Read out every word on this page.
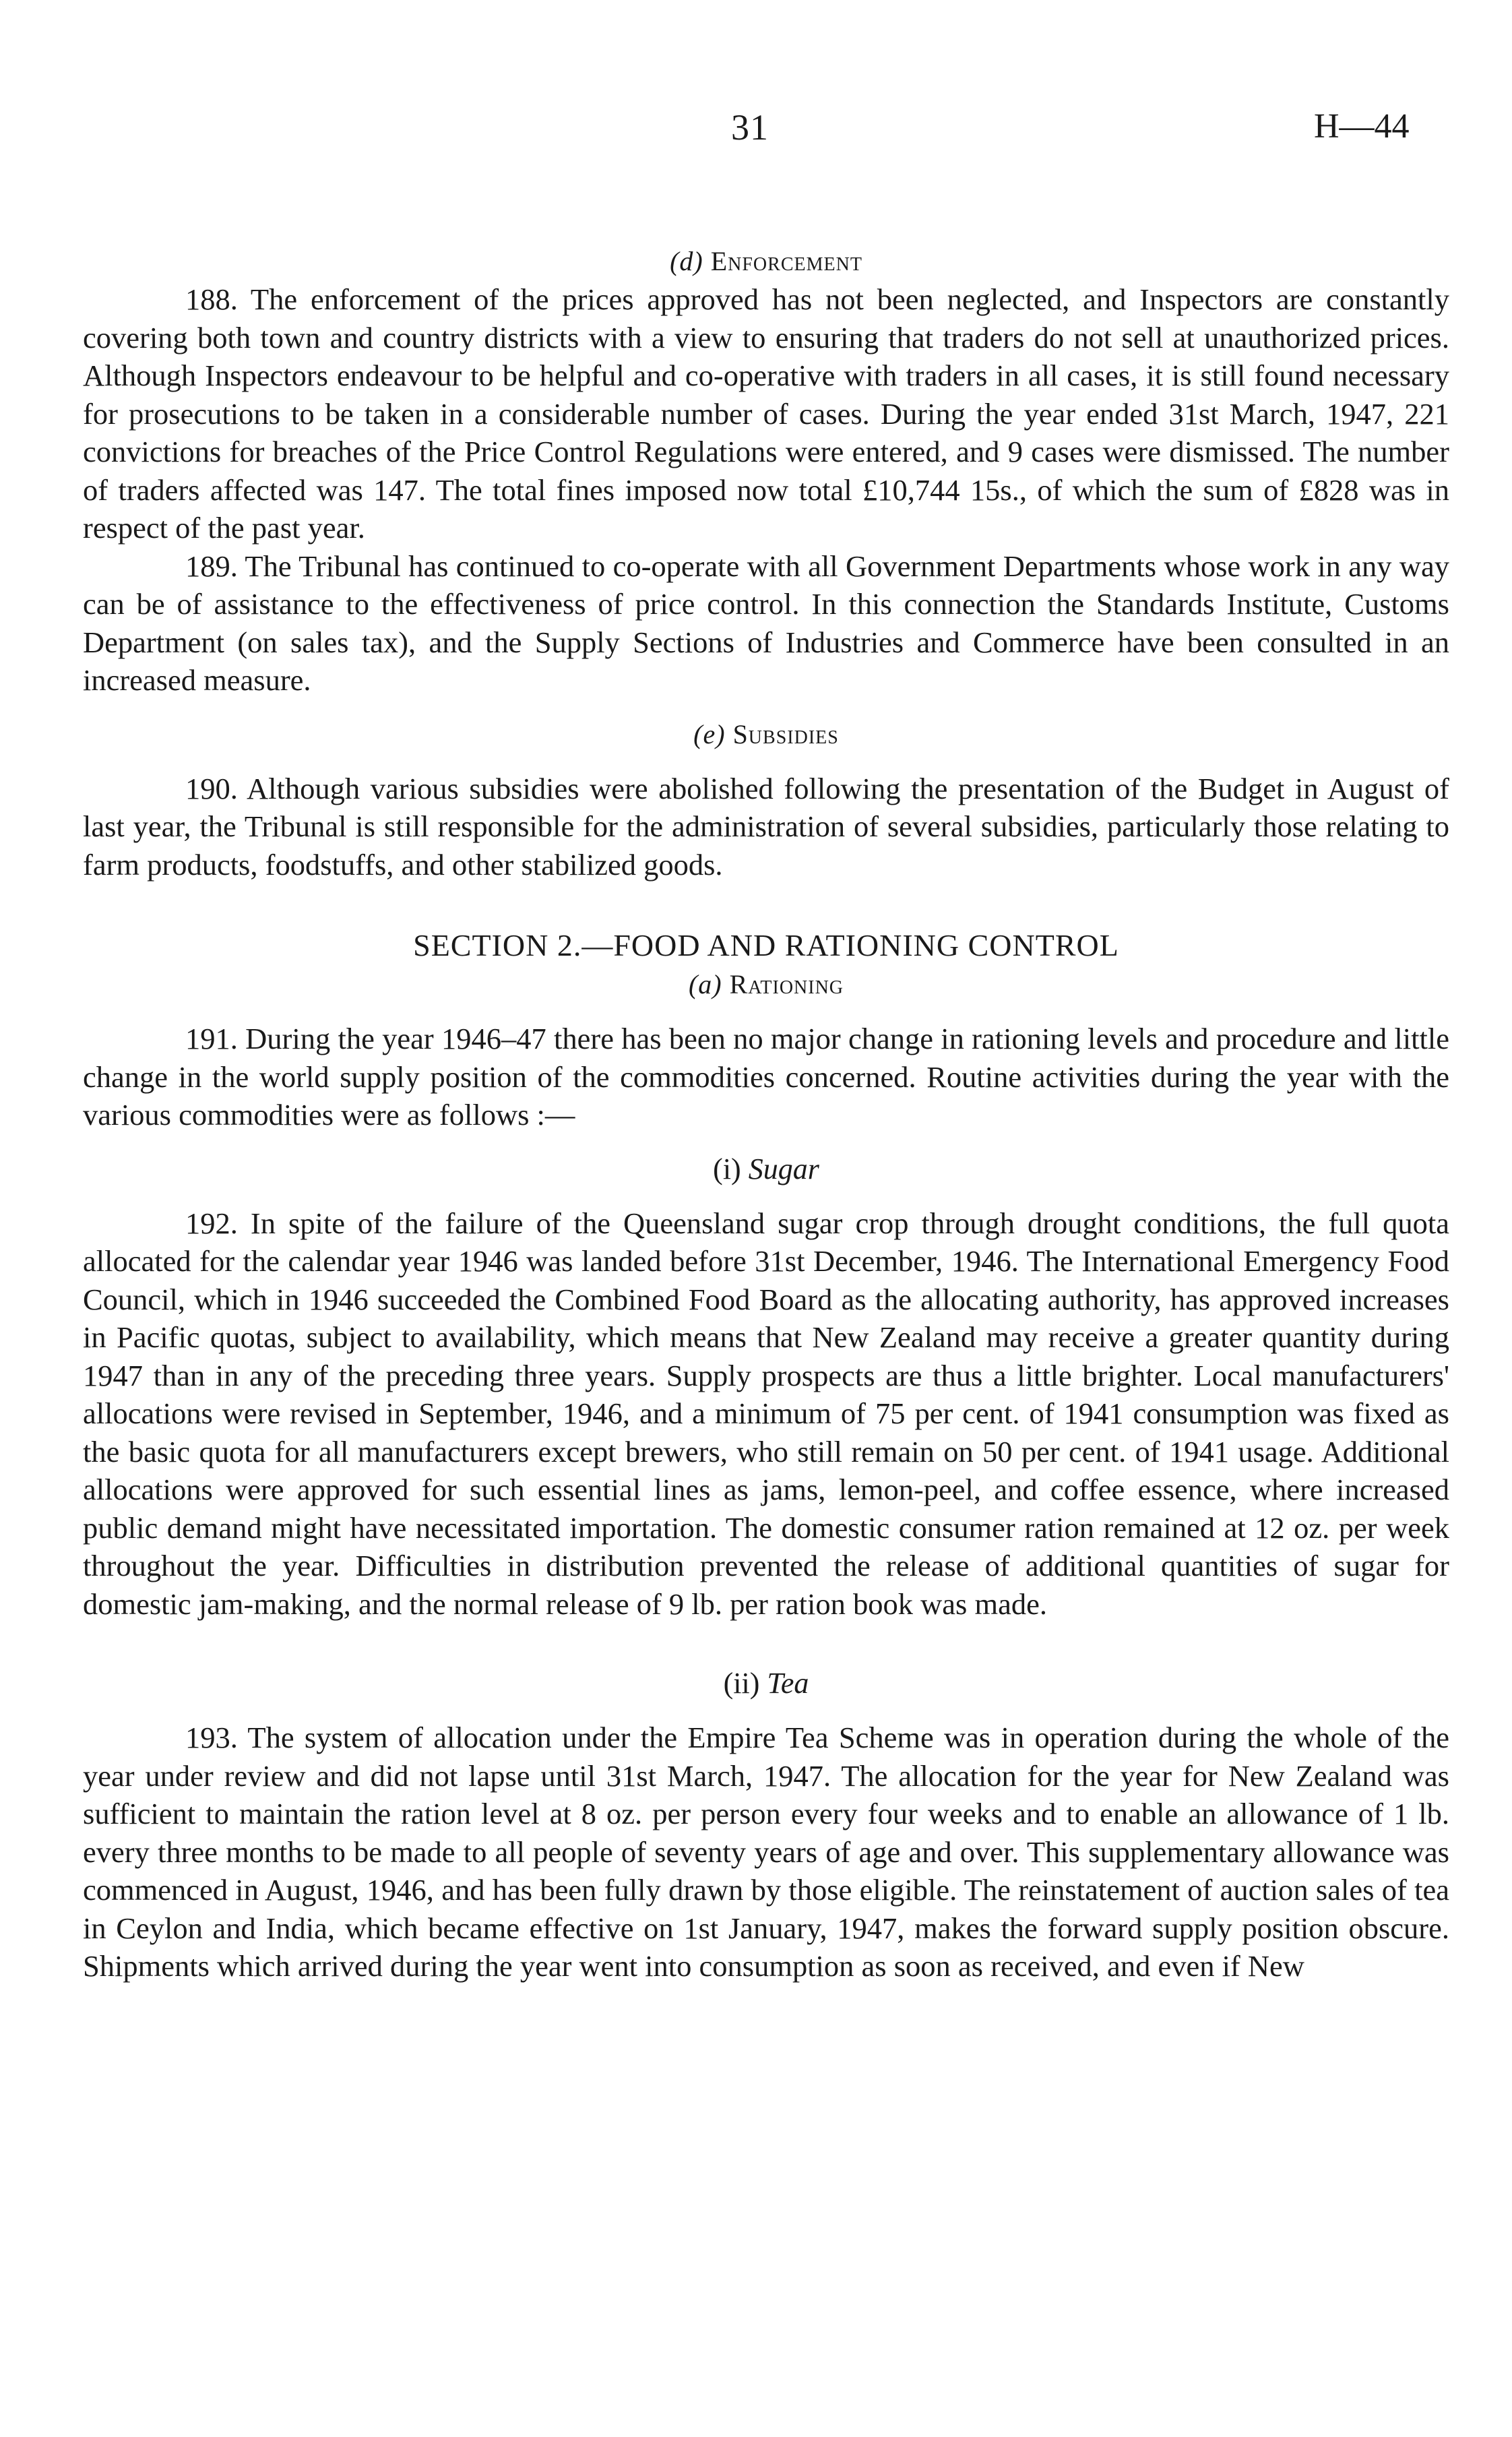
31	H—44

(d) Enforcement

188. The enforcement of the prices approved has not been neglected, and Inspectors are constantly covering both town and country districts with a view to ensuring that traders do not sell at unauthorized prices. Although Inspectors endeavour to be helpful and co-operative with traders in all cases, it is still found necessary for prosecutions to be taken in a considerable number of cases. During the year ended 31st March, 1947, 221 convictions for breaches of the Price Control Regulations were entered, and 9 cases were dismissed. The number of traders affected was 147. The total fines imposed now total £10,744 15s., of which the sum of £828 was in respect of the past year.

189. The Tribunal has continued to co-operate with all Government Departments whose work in any way can be of assistance to the effectiveness of price control. In this connection the Standards Institute, Customs Department (on sales tax), and the Supply Sections of Industries and Commerce have been consulted in an increased measure.

(e) Subsidies

190. Although various subsidies were abolished following the presentation of the Budget in August of last year, the Tribunal is still responsible for the administration of several subsidies, particularly those relating to farm products, foodstuffs, and other stabilized goods.

SECTION 2.—FOOD AND RATIONING CONTROL

(a) Rationing

191. During the year 1946–47 there has been no major change in rationing levels and procedure and little change in the world supply position of the commodities concerned. Routine activities during the year with the various commodities were as follows :—

(i) Sugar

192. In spite of the failure of the Queensland sugar crop through drought conditions, the full quota allocated for the calendar year 1946 was landed before 31st December, 1946. The International Emergency Food Council, which in 1946 succeeded the Combined Food Board as the allocating authority, has approved increases in Pacific quotas, subject to availability, which means that New Zealand may receive a greater quantity during 1947 than in any of the preceding three years. Supply prospects are thus a little brighter. Local manufacturers' allocations were revised in September, 1946, and a minimum of 75 per cent. of 1941 consumption was fixed as the basic quota for all manufacturers except brewers, who still remain on 50 per cent. of 1941 usage. Additional allocations were approved for such essential lines as jams, lemon-peel, and coffee essence, where increased public demand might have necessitated importation. The domestic consumer ration remained at 12 oz. per week throughout the year. Difficulties in distribution prevented the release of additional quantities of sugar for domestic jam-making, and the normal release of 9 lb. per ration book was made.

(ii) Tea

193. The system of allocation under the Empire Tea Scheme was in operation during the whole of the year under review and did not lapse until 31st March, 1947. The allocation for the year for New Zealand was sufficient to maintain the ration level at 8 oz. per person every four weeks and to enable an allowance of 1 lb. every three months to be made to all people of seventy years of age and over. This supplementary allowance was commenced in August, 1946, and has been fully drawn by those eligible. The reinstatement of auction sales of tea in Ceylon and India, which became effective on 1st January, 1947, makes the forward supply position obscure. Shipments which arrived during the year went into consumption as soon as received, and even if New
